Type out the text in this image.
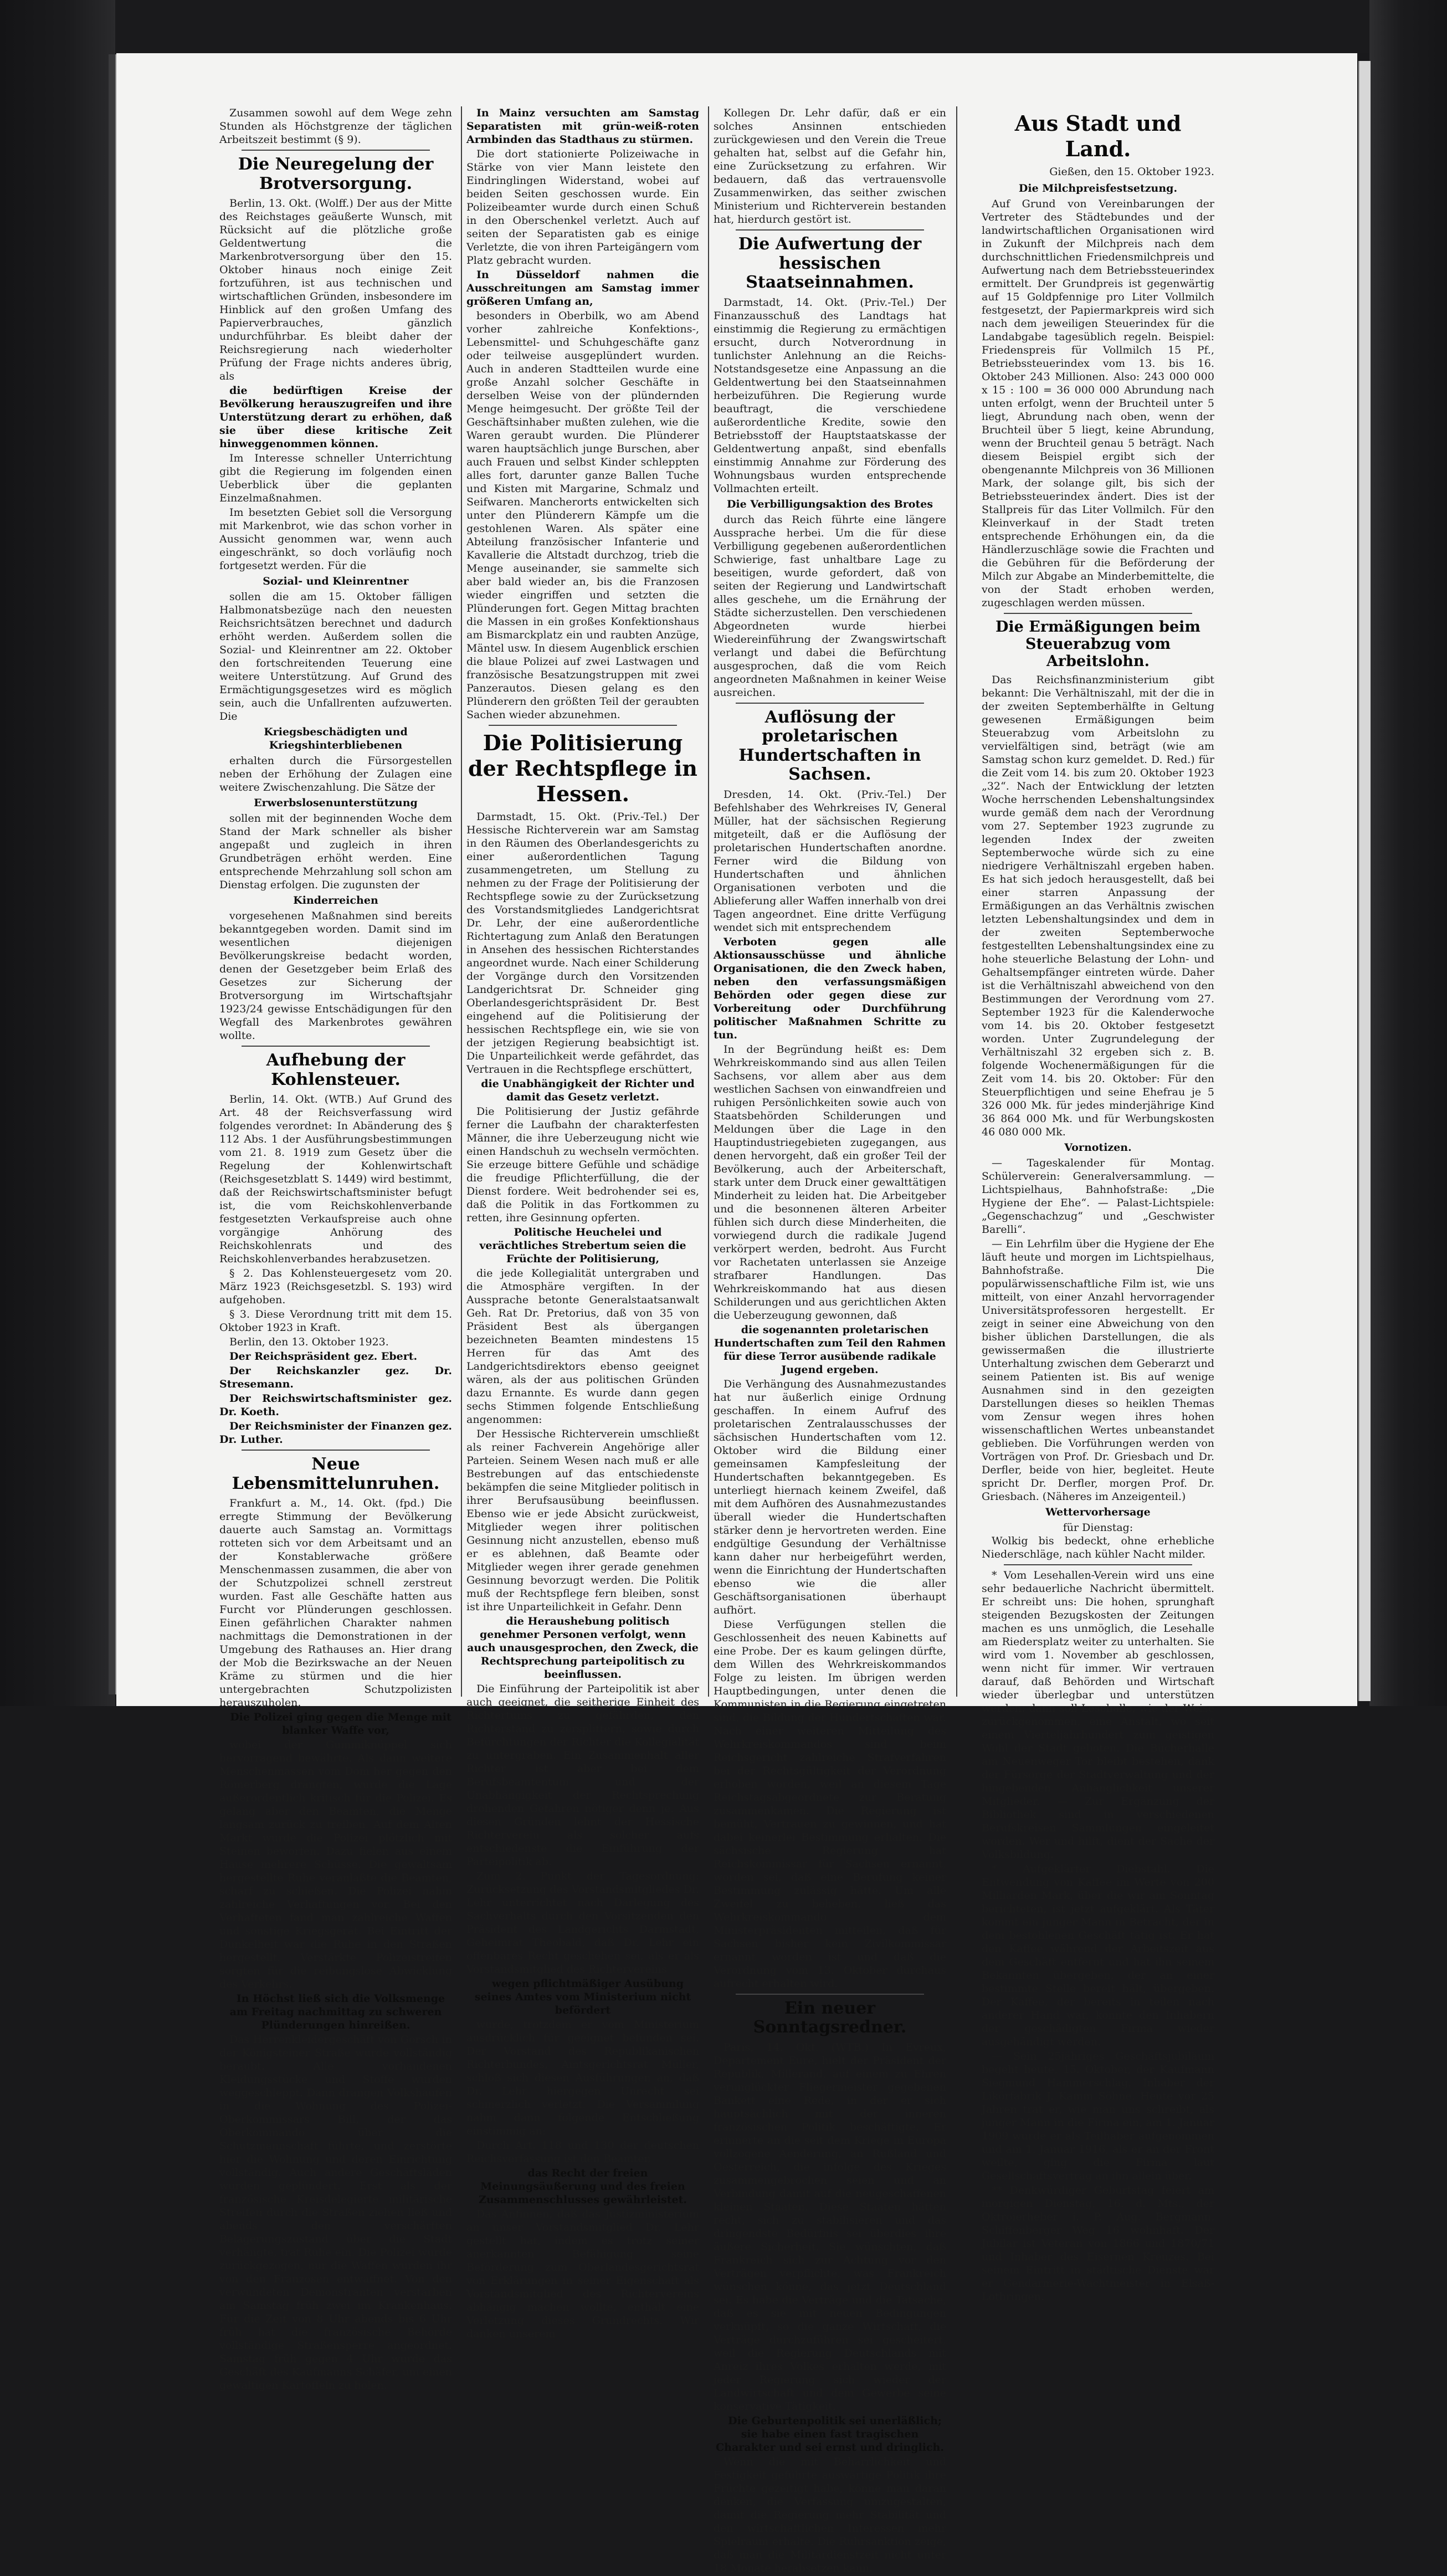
Zusammen sowohl auf dem Wege zehn Stunden als Höchstgrenze der täglichen Arbeitszeit bestimmt (§ 9).

Die Neuregelung der Brotversorgung.

Berlin, 13. Okt. (Wolff.) Der aus der Mitte des Reichstages geäußerte Wunsch, mit Rücksicht auf die plötzliche große Geldentwertung die Markenbrotversorgung über den 15. Oktober hinaus noch einige Zeit fortzuführen, ist aus technischen und wirtschaftlichen Gründen, insbesondere im Hinblick auf den großen Umfang des Papierverbrauches, gänzlich undurchführbar. Es bleibt daher der Reichsregierung nach wiederholter Prüfung der Frage nichts anderes übrig, als

die bedürftigen Kreise der Bevölkerung herauszugreifen und ihre Unterstützung derart zu erhöhen, daß sie über diese kritische Zeit hinweggenommen können.

Im Interesse schneller Unterrichtung gibt die Regierung im folgenden einen Ueberblick über die geplanten Einzelmaßnahmen.

Im besetzten Gebiet soll die Versorgung mit Markenbrot, wie das schon vorher in Aussicht genommen war, wenn auch eingeschränkt, so doch vorläufig noch fortgesetzt werden. Für die

Sozial- und Kleinrentner

sollen die am 15. Oktober fälligen Halbmonatsbezüge nach den neuesten Reichsrichtsätzen berechnet und dadurch erhöht werden. Außerdem sollen die Sozial- und Kleinrentner am 22. Oktober den fortschreitenden Teuerung eine weitere Unterstützung. Auf Grund des Ermächtigungsgesetzes wird es möglich sein, auch die Unfallrenten aufzuwerten. Die

Kriegsbeschädigten und Kriegshinterbliebenen

erhalten durch die Fürsorgestellen neben der Erhöhung der Zulagen eine weitere Zwischenzahlung. Die Sätze der

Erwerbslosenunterstützung

sollen mit der beginnenden Woche dem Stand der Mark schneller als bisher angepaßt und zugleich in ihren Grundbeträgen erhöht werden. Eine entsprechende Mehrzahlung soll schon am Dienstag erfolgen. Die zugunsten der

Kinderreichen

vorgesehenen Maßnahmen sind bereits bekanntgegeben worden. Damit sind im wesentlichen diejenigen Bevölkerungskreise bedacht worden, denen der Gesetzgeber beim Erlaß des Gesetzes zur Sicherung der Brotversorgung im Wirtschaftsjahr 1923/24 gewisse Entschädigungen für den Wegfall des Markenbrotes gewähren wollte.

Aufhebung der Kohlensteuer.

Berlin, 14. Okt. (WTB.) Auf Grund des Art. 48 der Reichsverfassung wird folgendes verordnet: In Abänderung des § 112 Abs. 1 der Ausführungsbestimmungen vom 21. 8. 1919 zum Gesetz über die Regelung der Kohlenwirtschaft (Reichsgesetzblatt S. 1449) wird bestimmt, daß der Reichswirtschaftsminister befugt ist, die vom Reichskohlenverbande festgesetzten Verkaufspreise auch ohne vorgängige Anhörung des Reichskohlenrats und des Reichskohlenverbandes herabzusetzen.

§ 2. Das Kohlensteuergesetz vom 20. März 1923 (Reichsgesetzbl. S. 193) wird aufgehoben.

§ 3. Diese Verordnung tritt mit dem 15. Oktober 1923 in Kraft.

Berlin, den 13. Oktober 1923.

Der Reichspräsident gez. Ebert.

Der Reichskanzler gez. Dr. Stresemann.

Der Reichswirtschaftsminister gez. Dr. Koeth.

Der Reichsminister der Finanzen gez. Dr. Luther.

Neue Lebensmittelunruhen.

Frankfurt a. M., 14. Okt. (fpd.) Die erregte Stimmung der Bevölkerung dauerte auch Samstag an. Vormittags rotteten sich vor dem Arbeitsamt und an der Konstablerwache größere Menschenmassen zusammen, die aber von der Schutzpolizei schnell zerstreut wurden. Fast alle Geschäfte hatten aus Furcht vor Plünderungen geschlossen. Einen gefährlichen Charakter nahmen nachmittags die Demonstrationen in der Umgebung des Rathauses an. Hier drang der Mob die Bezirkswache an der Neuen Kräme zu stürmen und die hier untergebrachten Schutzpolizisten herauszuholen.

Die Polizei ging gegen die Menge mit blanker Waffe vor,

wobei der Gummiknüppel sich hervorragend bewährte. Als dann weitere Menschenmassen vom Dom her gegen den Römerberg drängten, wurde die Lage außerordentlich kritisch für die Polizei. Es gelang aber den Beamten, die Menge langsam zurück zu treiben. Auf dem Alten Markt wurde die Polizei plötzlich mit Steinen beworfen. Dazu fielen aus einem Hause mehrere Schüsse. Die gewaltsam hergestellte Ruhe veranlaßte die Beamten, scharf zu schießen. Die Polizei nahm zahlreiche Verhaftungen vor. Bei den Verhafteten fand man zahlreiche Waffen und sonstige Kriegsgerät. Bei Eintritt der Dunkelheit war die Ruhe in den Straßen hergestellt. Verstärkte Polizeistreifen sorgten für die reibungslose Abwicklung des Verkehrs.

In Höchst ließ sich die Volksmenge am Freitag nachmittag zu schweren Plünderungen hinreißen.

Das Herrenkleidergeschäft von Gorsch in der Königsteiner Straße wurde vollständig beraubt. Alle vorhandenen Kleidungsstücke und Stoffe wurden weggeschleppt. Dann drangen Volkshaufen in die Wohnung des Polizei-Oberkommissars Bill, der das Oberkommando über die Schutzmannschaft führte, und zerstörte hier die Wohnung und deren Einrichtung vollständig. Auch andere Geschäftsläden wurden geplündert. Erst als der französische Kreisdelegierte militärische Streifen durch die Straßen ziehen ließ und abends den verschärften Belagerungszustand über die Stadt verhängte, trat Ruhe ein. Die Polizei wurde zurückgezogen, nur die Waffen wurden ihr von den Franzosen entwaffnet. Von den verwundeten Demonstranten verstarben am Samstag früh zwei im Krankenhaus. Für die Zeit von 8 Uhr abends bis 6 Uhr früh hat die französische Behörde vollständige Straßensperre angeordnet. Samstag früh gegen 4 Uhr wurde das Geschäft des Kaufmanns Schäfer, um einen gewaltigen Kartoffeln zu holen.

In Mainz versuchten am Samstag Separatisten mit grün-weiß-roten Armbinden das Stadthaus zu stürmen.

Die dort stationierte Polizeiwache in Stärke von vier Mann leistete den Eindringlingen Widerstand, wobei auf beiden Seiten geschossen wurde. Ein Polizeibeamter wurde durch einen Schuß in den Oberschenkel verletzt. Auch auf seiten der Separatisten gab es einige Verletzte, die von ihren Parteigängern vom Platz gebracht wurden.

In Düsseldorf nahmen die Ausschreitungen am Samstag immer größeren Umfang an,

besonders in Oberbilk, wo am Abend vorher zahlreiche Konfektions-, Lebensmittel- und Schuhgeschäfte ganz oder teilweise ausgeplündert wurden. Auch in anderen Stadtteilen wurde eine große Anzahl solcher Geschäfte in derselben Weise von der plündernden Menge heimgesucht. Der größte Teil der Geschäftsinhaber mußten zulehen, wie die Waren geraubt wurden. Die Plünderer waren hauptsächlich junge Burschen, aber auch Frauen und selbst Kinder schleppten alles fort, darunter ganze Ballen Tuche und Kisten mit Margarine, Schmalz und Seifwaren. Mancherorts entwickelten sich unter den Plünderern Kämpfe um die gestohlenen Waren. Als später eine Abteilung französischer Infanterie und Kavallerie die Altstadt durchzog, trieb die Menge auseinander, sie sammelte sich aber bald wieder an, bis die Franzosen wieder eingriffen und setzten die Plünderungen fort. Gegen Mittag brachten die Massen in ein großes Konfektionshaus am Bismarckplatz ein und raubten Anzüge, Mäntel usw. In diesem Augenblick erschien die blaue Polizei auf zwei Lastwagen und französische Besatzungstruppen mit zwei Panzerautos. Diesen gelang es den Plünderern den größten Teil der geraubten Sachen wieder abzunehmen.

Die Politisierung der Rechtspflege in Hessen.

Darmstadt, 15. Okt. (Priv.-Tel.) Der Hessische Richterverein war am Samstag in den Räumen des Oberlandesgerichts zu einer außerordentlichen Tagung zusammengetreten, um Stellung zu nehmen zu der Frage der Politisierung der Rechtspflege sowie zu der Zurücksetzung des Vorstandsmitgliedes Landgerichtsrat Dr. Lehr, der eine außerordentliche Richtertagung zum Anlaß den Beratungen in Ansehen des hessischen Richterstandes angeordnet wurde. Nach einer Schilderung der Vorgänge durch den Vorsitzenden Landgerichtsrat Dr. Schneider ging Oberlandesgerichtspräsident Dr. Best eingehend auf die Politisierung der hessischen Rechtspflege ein, wie sie von der jetzigen Regierung beabsichtigt ist. Die Unparteilichkeit werde gefährdet, das Vertrauen in die Rechtspflege erschüttert,

die Unabhängigkeit der Richter und damit das Gesetz verletzt.

Die Politisierung der Justiz gefährde ferner die Laufbahn der charakterfesten Männer, die ihre Ueberzeugung nicht wie einen Handschuh zu wechseln vermöchten. Sie erzeuge bittere Gefühle und schädige die freudige Pflichterfüllung, die der Dienst fordere. Weit bedrohender sei es, daß die Politik in das Fortkommen zu retten, ihre Gesinnung opferten.

Politische Heuchelei und verächtliches Strebertum seien die Früchte der Politisierung,

die jede Kollegialität untergraben und die Atmosphäre vergiften. In der Aussprache betonte Generalstaatsanwalt Geh. Rat Dr. Pretorius, daß von 35 von Präsident Best als übergangen bezeichneten Beamten mindestens 15 Herren für das Amt des Landgerichtsdirektors ebenso geeignet wären, als der aus politischen Gründen dazu Ernannte. Es wurde dann gegen sechs Stimmen folgende Entschließung angenommen:

Der Hessische Richterverein umschließt als reiner Fachverein Angehörige aller Parteien. Seinem Wesen nach muß er alle Bestrebungen auf das entschiedenste bekämpfen die seine Mitglieder politisch in ihrer Berufsausübung beeinflussen. Ebenso wie er jede Absicht zurückweist, Mitglieder wegen ihrer politischen Gesinnung nicht anzustellen, ebenso muß er es ablehnen, daß Beamte oder Mitglieder wegen ihrer gerade genehmen Gesinnung bevorzugt werden. Die Politik muß der Rechtspflege fern bleiben, sonst ist ihre Unparteilichkeit in Gefahr. Denn

die Heraushebung politisch genehmer Personen verfolgt, wenn auch unausgesprochen, den Zweck, die Rechtsprechung parteipolitisch zu beeinflussen.

Die Einführung der Parteipolitik ist aber auch geeignet, die seitherige Einheit des Richtertums zu gefährden, den Richterstand zu zersplittern, sowie durch Befürchtungen der Richter die Kollegialität zu untergraben. Ein Zusammenhalt aller Richter ist aber bei dem Berufsbeamtentum und der Unabhängigkeit der Rechtsprechung drohenden Gefahren nötiger denn je. Aus diesen Gründen lehnt der Hessische Richterverein als solcher aufs entschiedenste die Einführung der Parteipolitik ab.

Zum 2. Punkt der Tagesordnung: Zurücksetzung des Vorstandsmitgliedes Dr. Lehr unterrichtet nach Darlegung des Sachverhalts durch den Vorsitzenden den Präsident des Landgerichts Darmstadt, Geheimrat Theobald, daß Dr. Lehr ein offenbares Recht geschehen sei, als er als Vorstandsmitglied des Richtervereins

wegen pflichtmäßiger Ausübung seines Amtes vom Ministerium nicht befördert

wurde, trotzdem er vom Ministerium ausdrücklich für geeignet befunden sei. Der Vorstand des Republikanischen Richterbundes, Amtsgerichtsrat Müller, schloß sich diesen Ausführungen an, daß Dr. Lehr hiergegen Unrecht sei schmerzlich verletzt. Die Versammlung nahm dann folgende Entschließung einstimmig an:

Durch Art. 118 und 130 der deutschen Reichsverfassung ist den Beamten

das Recht der freien Meinungsäußerung und des freien Zusammenschlusses gewährleistet.

Das Anfinnen, daß das Justizministerium an unser Vorstandsmitglied Dr. Lehr gestellt hat, indem es trotz seiner anerkannten Befähigung seine Beförderung zum Oberlandesgerichtsrat von Erklärungen in seiner Eigenschaft als Vorstandsmitglied des Richtervereins abhängig machen wollte, enthält eine Verletzung dieses Grundrechts. Wir danken unserem

Kollegen Dr. Lehr dafür, daß er ein solches Ansinnen entschieden zurückgewiesen und den Verein die Treue gehalten hat, selbst auf die Gefahr hin, eine Zurücksetzung zu erfahren. Wir bedauern, daß das vertrauensvolle Zusammenwirken, das seither zwischen Ministerium und Richterverein bestanden hat, hierdurch gestört ist.

Die Aufwertung der hessischen Staatseinnahmen.

Darmstadt, 14. Okt. (Priv.-Tel.) Der Finanzausschuß des Landtags hat einstimmig die Regierung zu ermächtigen ersucht, durch Notverordnung in tunlichster Anlehnung an die Reichs-Notstandsgesetze eine Anpassung an die Geldentwertung bei den Staatseinnahmen herbeizuführen. Die Regierung wurde beauftragt, die verschiedene außerordentliche Kredite, sowie den Betriebsstoff der Hauptstaatskasse der Geldentwertung anpaßt, sind ebenfalls einstimmig Annahme zur Förderung des Wohnungsbaus wurden entsprechende Vollmachten erteilt.

Die Verbilligungsaktion des Brotes

durch das Reich führte eine längere Aussprache herbei. Um die für diese Verbilligung gegebenen außerordentlichen Schwierige, fast unhaltbare Lage zu beseitigen, wurde gefordert, daß von seiten der Regierung und Landwirtschaft alles geschehe, um die Ernährung der Städte sicherzustellen. Den verschiedenen Abgeordneten wurde hierbei Wiedereinführung der Zwangswirtschaft verlangt und dabei die Befürchtung ausgesprochen, daß die vom Reich angeordneten Maßnahmen in keiner Weise ausreichen.

Auflösung der proletarischen Hundertschaften in Sachsen.

Dresden, 14. Okt. (Priv.-Tel.) Der Befehlshaber des Wehrkreises IV, General Müller, hat der sächsischen Regierung mitgeteilt, daß er die Auflösung der proletarischen Hundertschaften anordne. Ferner wird die Bildung von Hundertschaften und ähnlichen Organisationen verboten und die Ablieferung aller Waffen innerhalb von drei Tagen angeordnet. Eine dritte Verfügung wendet sich mit entsprechendem

Verboten gegen alle Aktionsausschüsse und ähnliche Organisationen, die den Zweck haben, neben den verfassungsmäßigen Behörden oder gegen diese zur Vorbereitung oder Durchführung politischer Maßnahmen Schritte zu tun.

In der Begründung heißt es: Dem Wehrkreiskommando sind aus allen Teilen Sachsens, vor allem aber aus dem westlichen Sachsen von einwandfreien und ruhigen Persönlichkeiten sowie auch von Staatsbehörden Schilderungen und Meldungen über die Lage in den Hauptindustriegebieten zugegangen, aus denen hervorgeht, daß ein großer Teil der Bevölkerung, auch der Arbeiterschaft, stark unter dem Druck einer gewalttätigen Minderheit zu leiden hat. Die Arbeitgeber und die besonnenen älteren Arbeiter fühlen sich durch diese Minderheiten, die vorwiegend durch die radikale Jugend verkörpert werden, bedroht. Aus Furcht vor Rachetaten unterlassen sie Anzeige strafbarer Handlungen. Das Wehrkreiskommando hat aus diesen Schilderungen und aus gerichtlichen Akten die Ueberzeugung gewonnen, daß

die sogenannten proletarischen Hundertschaften zum Teil den Rahmen für diese Terror ausübende radikale Jugend ergeben.

Die Verhängung des Ausnahmezustandes hat nur äußerlich einige Ordnung geschaffen. In einem Aufruf des proletarischen Zentralausschusses der sächsischen Hundertschaften vom 12. Oktober wird die Bildung einer gemeinsamen Kampfesleitung der Hundertschaften bekanntgegeben. Es unterliegt hiernach keinem Zweifel, daß mit dem Aufhören des Ausnahmezustandes überall wieder die Hundertschaften stärker denn je hervortreten werden. Eine endgültige Gesundung der Verhältnisse kann daher nur herbeigeführt werden, wenn die Einrichtung der Hundertschaften ebenso wie die aller Geschäftsorganisationen überhaupt aufhört.

Diese Verfügungen stellen die Geschlossenheit des neuen Kabinetts auf eine Probe. Der es kaum gelingen dürfte, dem Willen des Wehrkreiskommandos Folge zu leisten. Im übrigen werden Hauptbedingungen, unter denen die Kommunisten in die Regierung eingetreten sind, die Bildung der Hundertschaften war. Nach einer weiteren Mitteilung des Wehrkreiskommandos sind beim Reichsgericht zahlreiche Strafverfahren bei der Rechtsgültigkeit der Verordnung erhoben worden, weil an diesem Tage Reichstagsabgeordnete zur Beratung zusammenkamen. Die Regierung ist bemüht, Vertrauen zu gewinnen, und hat dabei keinerlei Bestimmung erhalten. Die sächsische Regierung hat Reichskommissar für Sachsen ernannt, worden sei, daß eine Berufung keiner Bestimmung zulässig hätte. Um alle Zweifel zu beheben, ließ das Wehrkreiskommando dem Ministerpräsidenten mitteilen, daß für Sachsen bisher kein Zivilkommissar ernannt worden ist und daß die Verordnung vom 13. Oktober durchaus aufrecht erhalten wird.

Ein neuer Sonntagsredner.

Paris, 14. Okt. (WTB.) In Evreux, Departement Eure, hielt der Präsident der Republik, Millerand, auf einem zu Ehren verunglückter Fliegermeister gegebenen Bankett eine Rede, in der er sich hauptsächlich mit der inneren französischen Politik beschäftigte. Er erinnerte an die seit dem Kriege in Europa vollzogene Aenderung, an Rußland und Oesterreich, die infolge des Krieges zusammengebrochen seien und an Verbindung damit auf die neugeschaffenen kleinen Staaten. Diese Staaten hätten recht, sich zu stabilisieren und das dringendste Bedürfnis sei überdies ihre äußere Sicherheit. Sie wünschten, daß Frankreich sich zur Achtung vor den Verträgen verpflichte, was Frankreich wünschen könne, das jetzt Deutschland sei. Es habe die Verträge und die Tatsache, daß es sie mit neuen Bedingungen verknüpft, so die ganze Wirtschaft, die Verträge durchzuführen sei gescheitert, weil die Regierung Deutschlands mit Anreiz ihres Volkes erhalten werde, mit jeder Regierung sich wieder der Landwirtschaft und dem Gewerbe seine konservative Tätigkeit.

Die Geburtenpolitik sei unerläßlich; sie habe einen fast tragischen Charakter und sei ernst und dringlich.

Wenn die mit Beharrlichkeit und Festigkeit geführte auswärtige Politik ihre Früchte gezeitigt habe, könne man daran denken, die Verfassung umzugestalten, damit die Regierung mehr Stabilität und den wirtschaftlichen Interessen mehr Spielraum erhalte. Die Ruhrsanktion zeige, daß man die Militärdienstzeit nicht unter 18 Monate herabsetzen kann.

Aus Stadt und Land.
Gießen, den 15. Oktober 1923.
Die Milchpreisfestsetzung.

Auf Grund von Vereinbarungen der Vertreter des Städtebundes und der landwirtschaftlichen Organisationen wird in Zukunft der Milchpreis nach dem durchschnittlichen Friedensmilchpreis und Aufwertung nach dem Betriebssteuerindex ermittelt. Der Grundpreis ist gegenwärtig auf 15 Goldpfennige pro Liter Vollmilch festgesetzt, der Papiermarkpreis wird sich nach dem jeweiligen Steuerindex für die Landabgabe tagesüblich regeln. Beispiel: Friedenspreis für Vollmilch 15 Pf., Betriebssteuerindex vom 13. bis 16. Oktober 243 Millionen. Also: 243 000 000 x 15 : 100 = 36 000 000 Abrundung nach unten erfolgt, wenn der Bruchteil unter 5 liegt, Abrundung nach oben, wenn der Bruchteil über 5 liegt, keine Abrundung, wenn der Bruchteil genau 5 beträgt. Nach diesem Beispiel ergibt sich der obengenannte Milchpreis von 36 Millionen Mark, der solange gilt, bis sich der Betriebssteuerindex ändert. Dies ist der Stallpreis für das Liter Vollmilch. Für den Kleinverkauf in der Stadt treten entsprechende Erhöhungen ein, da die Händlerzuschläge sowie die Frachten und die Gebühren für die Beförderung der Milch zur Abgabe an Minderbemittelte, die von der Stadt erhoben werden, zugeschlagen werden müssen.

Die Ermäßigungen beim Steuerabzug vom Arbeitslohn.

Das Reichsfinanzministerium gibt bekannt: Die Verhältniszahl, mit der die in der zweiten Septemberhälfte in Geltung gewesenen Ermäßigungen beim Steuerabzug vom Arbeitslohn zu vervielfältigen sind, beträgt (wie am Samstag schon kurz gemeldet. D. Red.) für die Zeit vom 14. bis zum 20. Oktober 1923 „32“. Nach der Entwicklung der letzten Woche herrschenden Lebenshaltungsindex wurde gemäß dem nach der Verordnung vom 27. September 1923 zugrunde zu legenden Index der zweiten Septemberwoche würde sich zu eine niedrigere Verhältniszahl ergeben haben. Es hat sich jedoch herausgestellt, daß bei einer starren Anpassung der Ermäßigungen an das Verhältnis zwischen letzten Lebenshaltungsindex und dem in der zweiten Septemberwoche festgestellten Lebenshaltungsindex eine zu hohe steuerliche Belastung der Lohn- und Gehaltsempfänger eintreten würde. Daher ist die Verhältniszahl abweichend von den Bestimmungen der Verordnung vom 27. September 1923 für die Kalenderwoche vom 14. bis 20. Oktober festgesetzt worden. Unter Zugrundelegung der Verhältniszahl 32 ergeben sich z. B. folgende Wochenermäßigungen für die Zeit vom 14. bis 20. Oktober: Für den Steuerpflichtigen und seine Ehefrau je 5 326 000 Mk. für jedes minderjährige Kind 36 864 000 Mk. und für Werbungskosten 46 080 000 Mk.

Vornotizen.

— Tageskalender für Montag. Schülerverein: Generalversammlung. — Lichtspielhaus, Bahnhofstraße: „Die Hygiene der Ehe“. — Palast-Lichtspiele: „Gegenschachzug“ und „Geschwister Barelli“.

— Ein Lehrfilm über die Hygiene der Ehe läuft heute und morgen im Lichtspielhaus, Bahnhofstraße. Die populärwissenschaftliche Film ist, wie uns mitteilt, von einer Anzahl hervorragender Universitätsprofessoren hergestellt. Er zeigt in seiner eine Abweichung von den bisher üblichen Darstellungen, die als gewissermaßen die illustrierte Unterhaltung zwischen dem Geberarzt und seinem Patienten ist. Bis auf wenige Ausnahmen sind in den gezeigten Darstellungen dieses so heiklen Themas vom Zensur wegen ihres hohen wissenschaftlichen Wertes unbeanstandet geblieben. Die Vorführungen werden von Vorträgen von Prof. Dr. Griesbach und Dr. Derfler, beide von hier, begleitet. Heute spricht Dr. Derfler, morgen Prof. Dr. Griesbach. (Näheres im Anzeigenteil.)

Wettervorhersage
für Dienstag:

Wolkig bis bedeckt, ohne erhebliche Niederschläge, nach kühler Nacht milder.

* Vom Lesehallen-Verein wird uns eine sehr bedauerliche Nachricht übermittelt. Er schreibt uns: Die hohen, sprunghaft steigenden Bezugskosten der Zeitungen machen es uns unmöglich, die Lesehalle am Riedersplatz weiter zu unterhalten. Sie wird vom 1. November ab geschlossen, wenn nicht für immer. Wir vertrauen darauf, daß Behörden und Wirtschaft wieder überlegbar und unterstützen werden: dann soll Lesehalle, wie der Weise zurückgenommen, eine Anstalt, wo seit einem Vierteljahrhundert zum geistigen Wohl der Stadt geboten. Die Bücherhalle am Neuenweger Tor bleibt bestehen, dank der Fürsorge der Stadtverwaltung und der hingebenden Anhänglichkeit unserer Mitglieder. — Zur Ergänzung der Bibliothek sind in verschiedenen Berufskreisen Sammlungen eingeleitet worden. Wer und hilft, dient der Sache der Volksbildung.

* Aufgeklärter Diebstahl. Die Entwendung von Kaffee im Werte von 200 Milliarden Mark, über die wir am Sonntag berichteten, ist jetzt aufgeklärt. Als Täter kommt ein junger Mann in Betracht, der in dem bestohlenen Geschäft tätig ist. Er hat den Kaffee während der Arbeitszeit aus dem Geschäft entfernt und hat ihn seinem Bekannten übergeben, der an einer bestimmte Stelle bereit hält, übergeben. Der Kaffee, der bereits in teilen nach anderer Hand war, konnte den Inhabern der geschädigten Firma wieder ausgehändigt werden.

— Sein 25jähriges Geschäftsjubiläum begeht heute, 15. Oktober, der Kaufmann Siegmund Hammerschlag, Inhaber der Likörfabrik J. Kamm Söhne. Heute vor 25 Jahren trat er, wie man uns schreibt, als junger Mann in die Firma ein, am 1. Januar 1909 wurde er als Teilhaber aufgenommen und am 1. Januar 1916, als er an der Front weilte, ging die Firma laut Gesellschaftsvertrag an ihn allein über.

** Denkwürdiger Geburtstag feiert am morgigen Dienstag, 16. d. Mts., der Oktroierheber i. P. Aug. Bergmann, Schiffenberger Weg 16 wohnhaft. Der Jubilar ist Veteran von 1866 und 1870/71 und Inhaber des Eisernen Kreuzes. Bei seinem Eintritt in städtische Dienste war er Gendarmerie-Wachtmeister in Elsaß-Lothringen.
